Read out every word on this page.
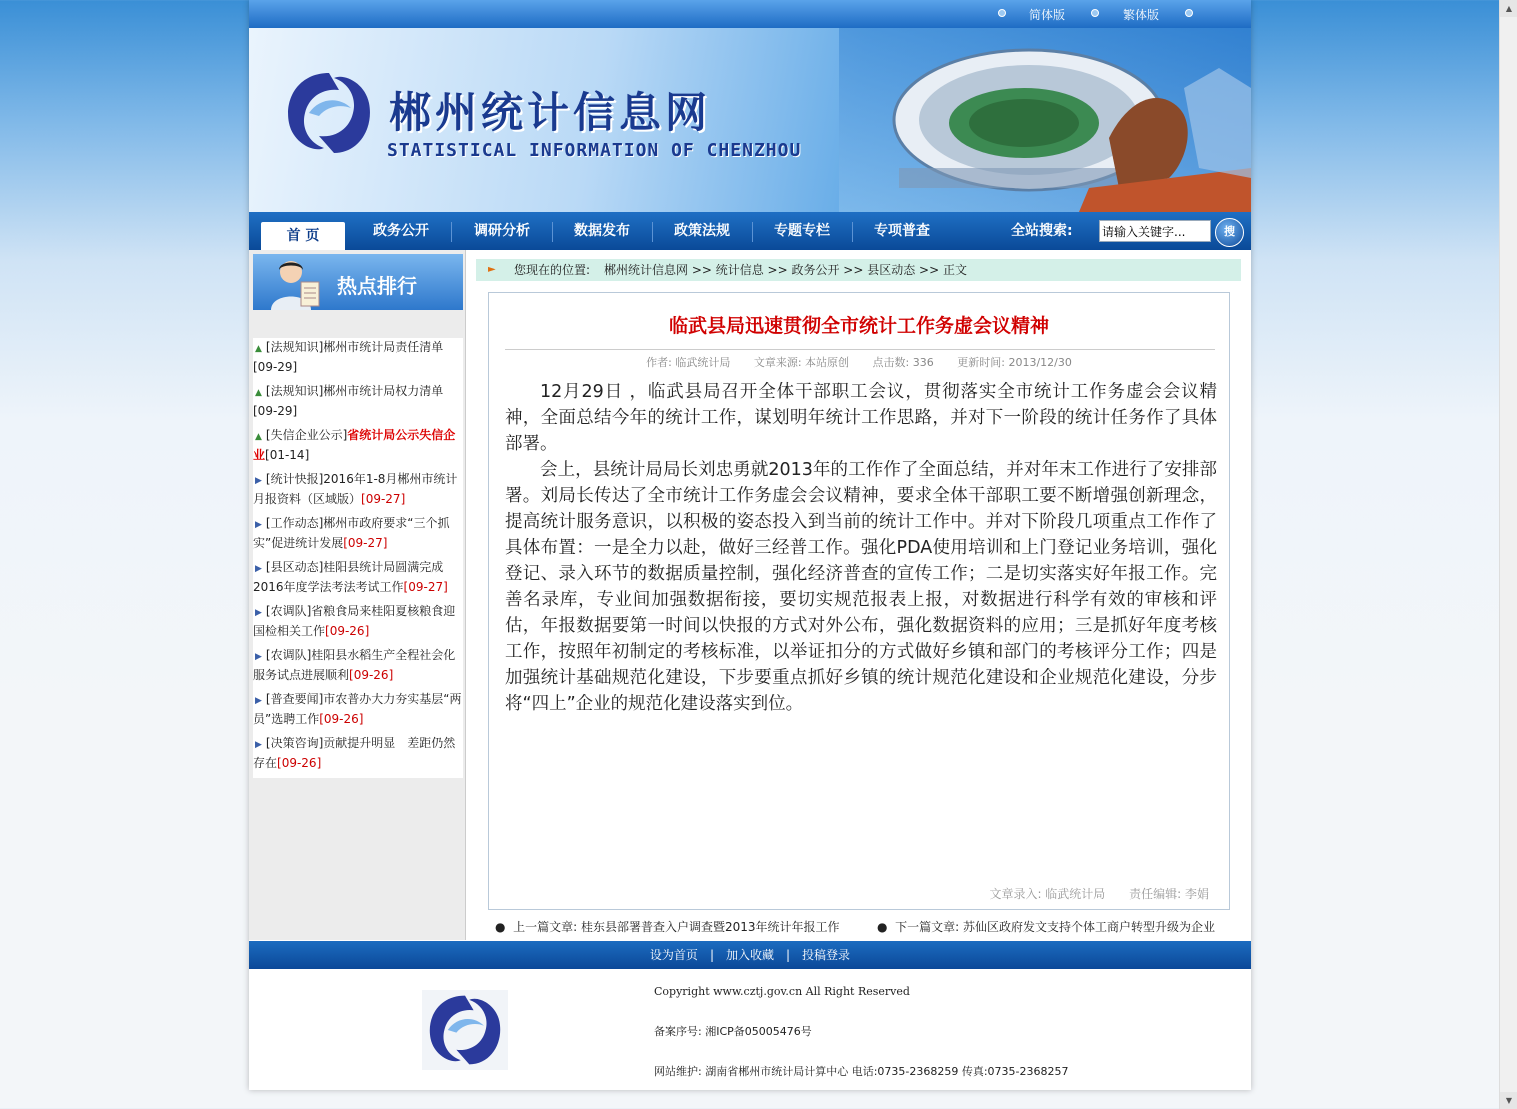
简体版	繁体版
郴州统计信息网
STATISTICAL INFORMATION OF CHENZHOU
首 页	政务公开	调研分析	数据发布	政策法规	专题专栏	专项普查	全站搜索:
请输入关键字...	搜
热点排行
▲ [法规知识]郴州市统计局责任清单[09-29]
▲ [法规知识]郴州市统计局权力清单[09-29]
▲ [失信企业公示]省统计局公示失信企业[01-14]
▶ [统计快报]2016年1-8月郴州市统计月报资料（区域版）[09-27]
▶ [工作动态]郴州市政府要求“三个抓实”促进统计发展[09-27]
▶ [县区动态]桂阳县统计局圆满完成2016年度学法考法考试工作[09-27]
▶ [农调队]省粮食局来桂阳夏核粮食迎国检相关工作[09-26]
▶ [农调队]桂阳县水稻生产全程社会化服务试点进展顺利[09-26]
▶ [普查要闻]市农普办大力夯实基层“两员”选聘工作[09-26]
▶ [决策咨询]贡献提升明显　差距仍然存在[09-26]
► 您现在的位置: 郴州统计信息网 >> 统计信息 >> 政务公开 >> 县区动态 >> 正文
临武县局迅速贯彻全市统计工作务虚会议精神
作者: 临武统计局 文章来源: 本站原创 点击数: 336 更新时间: 2013/12/30

12月29日 ，临武县局召开全体干部职工会议，贯彻落实全市统计工作务虚会会议精神，全面总结今年的统计工作，谋划明年统计工作思路，并对下一阶段的统计任务作了具体部署。

会上，县统计局局长刘忠勇就2013年的工作作了全面总结，并对年末工作进行了安排部署。刘局长传达了全市统计工作务虚会会议精神，要求全体干部职工要不断增强创新理念，提高统计服务意识，以积极的姿态投入到当前的统计工作中。并对下阶段几项重点工作作了具体布置：一是全力以赴，做好三经普工作。强化PDA使用培训和上门登记业务培训，强化登记、录入环节的数据质量控制，强化经济普查的宣传工作；二是切实落实好年报工作。完善名录库，专业间加强数据衔接，要切实规范报表上报，对数据进行科学有效的审核和评估，年报数据要第一时间以快报的方式对外公布，强化数据资料的应用；三是抓好年度考核工作，按照年初制定的考核标准，以举证扣分的方式做好乡镇和部门的考核评分工作；四是加强统计基础规范化建设，下步要重点抓好乡镇的统计规范化建设和企业规范化建设，分步将“四上”企业的规范化建设落实到位。

文章录入: 临武统计局 责任编辑: 李娟
●  上一篇文章: 桂东县部署普查入户调查暨2013年统计年报工作	●  下一篇文章: 苏仙区政府发文支持个体工商户转型升级为企业
设为首页 | 加入收藏 | 投稿登录
Copyright www.cztj.gov.cn All Right Reserved
备案序号: 湘ICP备05005476号
网站维护: 湖南省郴州市统计局计算中心 电话:0735-2368259 传真:0735-2368257
▲
▼
